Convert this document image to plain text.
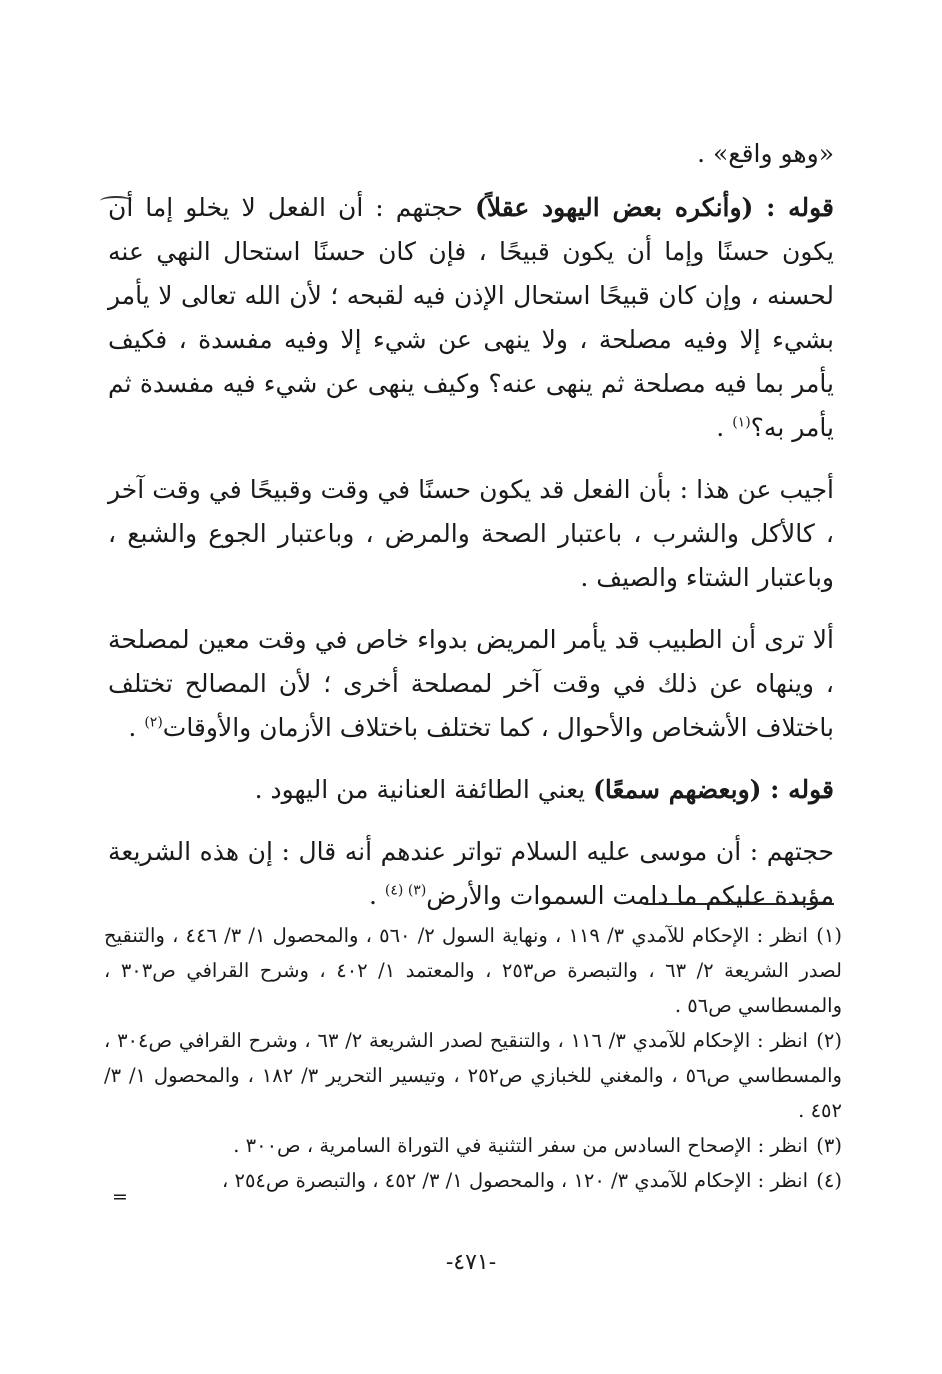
«وهو واقع» .

قوله : (وأنكره بعض اليهود عقلاً) حجتهم : أن الفعل لا يخلو إما أن يكون حسنًا وإما أن يكون قبيحًا ، فإن كان حسنًا استحال النهي عنه لحسنه ، وإن كان قبيحًا استحال الإذن فيه لقبحه ؛ لأن الله تعالى لا يأمر بشيء إلا وفيه مصلحة ، ولا ينهى عن شيء إلا وفيه مفسدة ، فكيف يأمر بما فيه مصلحة ثم ينهى عنه؟ وكيف ينهى عن شيء فيه مفسدة ثم يأمر به؟$^{(١)}$ .

أجيب عن هذا : بأن الفعل قد يكون حسنًا في وقت وقبيحًا في وقت آخر ، كالأكل والشرب ، باعتبار الصحة والمرض ، وباعتبار الجوع والشبع ، وباعتبار الشتاء والصيف .

ألا ترى أن الطبيب قد يأمر المريض بدواء خاص في وقت معين لمصلحة ، وينهاه عن ذلك في وقت آخر لمصلحة أخرى ؛ لأن المصالح تختلف باختلاف الأشخاص والأحوال ، كما تختلف باختلاف الأزمان والأوقات$^{(٢)}$ .

قوله : (وبعضهم سمعًا) يعني الطائفة العنانية من اليهود .

حجتهم : أن موسى عليه السلام تواتر عندهم أنه قال : إن هذه الشريعة مؤبدة عليكم ما دامت السموات والأرض$^{(٣) (٤)}$ .

(١)انظر : الإحكام للآمدي ٣/ ١١٩ ، ونهاية السول ٢/ ٥٦٠ ، والمحصول ١/ ٣/ ٤٤٦ ، والتنقيح لصدر الشريعة ٢/ ٦٣ ، والتبصرة ص٢٥٣ ، والمعتمد ١/ ٤٠٢ ، وشرح القرافي ص٣٠٣ ، والمسطاسي ص٥٦ .

(٢)انظر : الإحكام للآمدي ٣/ ١١٦ ، والتنقيح لصدر الشريعة ٢/ ٦٣ ، وشرح القرافي ص٣٠٤ ، والمسطاسي ص٥٦ ، والمغني للخبازي ص٢٥٢ ، وتيسير التحرير ٣/ ١٨٢ ، والمحصول ١/ ٣/ ٤٥٢ .

(٣)انظر : الإصحاح السادس من سفر التثنية في التوراة السامرية ، ص٣٠٠ .

(٤)انظر : الإحكام للآمدي ٣/ ١٢٠ ، والمحصول ١/ ٣/ ٤٥٢ ، والتبصرة ص٢٥٤ ،

=
-٤٧١-
